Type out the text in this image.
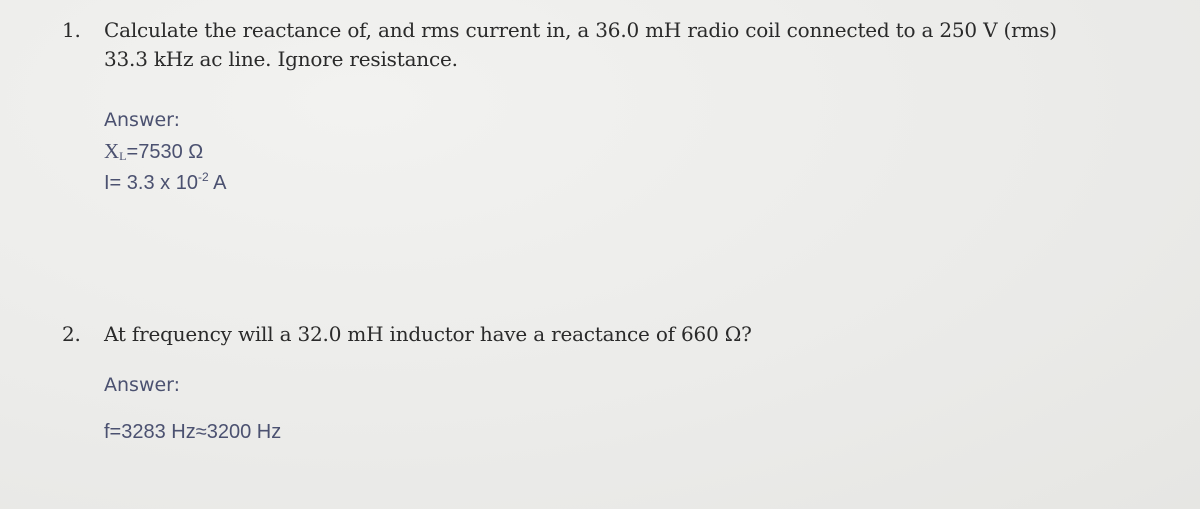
1. Calculate the reactance of, and rms current in, a 36.0 mH radio coil connected to a 250 V (rms)
33.3 kHz ac line. Ignore resistance.
Answer:
$X_L=7530$ Ω
I= 3.3 x $10^{-2}$ A
2. At frequency will a 32.0 mH inductor have a reactance of 660 Ω?
Answer:
f=3283 Hz≈3200 Hz
